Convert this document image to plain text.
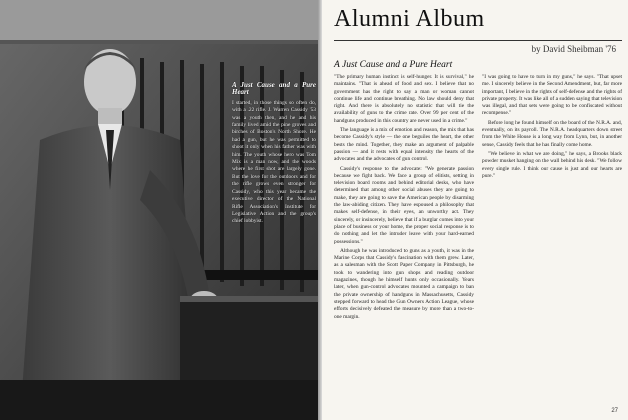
A Just Cause and a Pure Heart

I started, in those things so often do, with a .22 rifle. J. Warren Cassidy '53 was a youth then, and he and his family lived amid the pine groves and birches of Boston's North Shore. He had a gun, but he was permitted to shoot it only when his father was with him. The youth whose hero was Tom Mix is a man now, and the woods where he first shot are largely gone. But the love for the outdoors and for the rifle grows even stronger for Cassidy, who this year became the executive director of the National Rifle Association's Institute for Legislative Action and the group's chief lobbyist.

Alumni Album
by David Sheibman '76
A Just Cause and a Pure Heart

"The primary human instinct is self-hunger. It is survival," he maintains. "That is ahead of food and sex. I believe that no government has the right to say a man or woman cannot continue life and continue breathing. No law should deny that right. And there is absolutely no statistic that will tie the availability of guns to the crime rate. Over 99 per cent of the handguns produced in this country are never used in a crime."

The language is a mix of emotion and reason, the mix that has become Cassidy's style — the one beguiles the heart, the other bests the mind. Together, they make an argument of palpable passion — and it rests with equal intensity the hearts of the advocates and the advocates of gun control.

Cassidy's response to the advocate: "We generate passion because we fight back. We face a group of elitists, setting in television board rooms and behind editorial desks, who have determined that among other social abuses they are going to make, they are going to save the American people by disarming the law-abiding citizen. They have espoused a philosophy that makes self-defense, in their eyes, an unworthy act. They sincerely, or insincerely, believe that if a burglar comes into your place of business or your home, the proper social response is to do nothing and let the intruder leave with your hard-earned possessions."

Although he was introduced to guns as a youth, it was in the Marine Corps that Cassidy's fascination with them grew. Later, as a salesman with the Scott Paper Company in Pittsburgh, he took to wandering into gun shops and reading outdoor magazines, though he himself hunts only occasionally. Years later, when gun-control advocates mounted a campaign to ban the private ownership of handguns in Massachusetts, Cassidy stepped forward to head the Gun Owners Action League, whose efforts decisively defeated the measure by more than a two-to-one margin.

"I was going to have to turn in my guns," he says. "That upset me. I sincerely believe in the Second Amendment, but, far more important, I believe in the rights of self-defense and the rights of private property. It was like all of a sudden saying that television was illegal, and that sets were going to be confiscated without recompense."

Before long he found himself on the board of the N.R.A. and, eventually, on its payroll. The N.R.A. headquarters down street from the White House is a long way from Lynn, but, in another sense, Cassidy feels that he has finally come home.

"We believe in what we are doing," he says, a Brooks black powder musket hanging on the wall behind his desk. "We follow every single rule. I think our cause is just and our hearts are pure."

27
